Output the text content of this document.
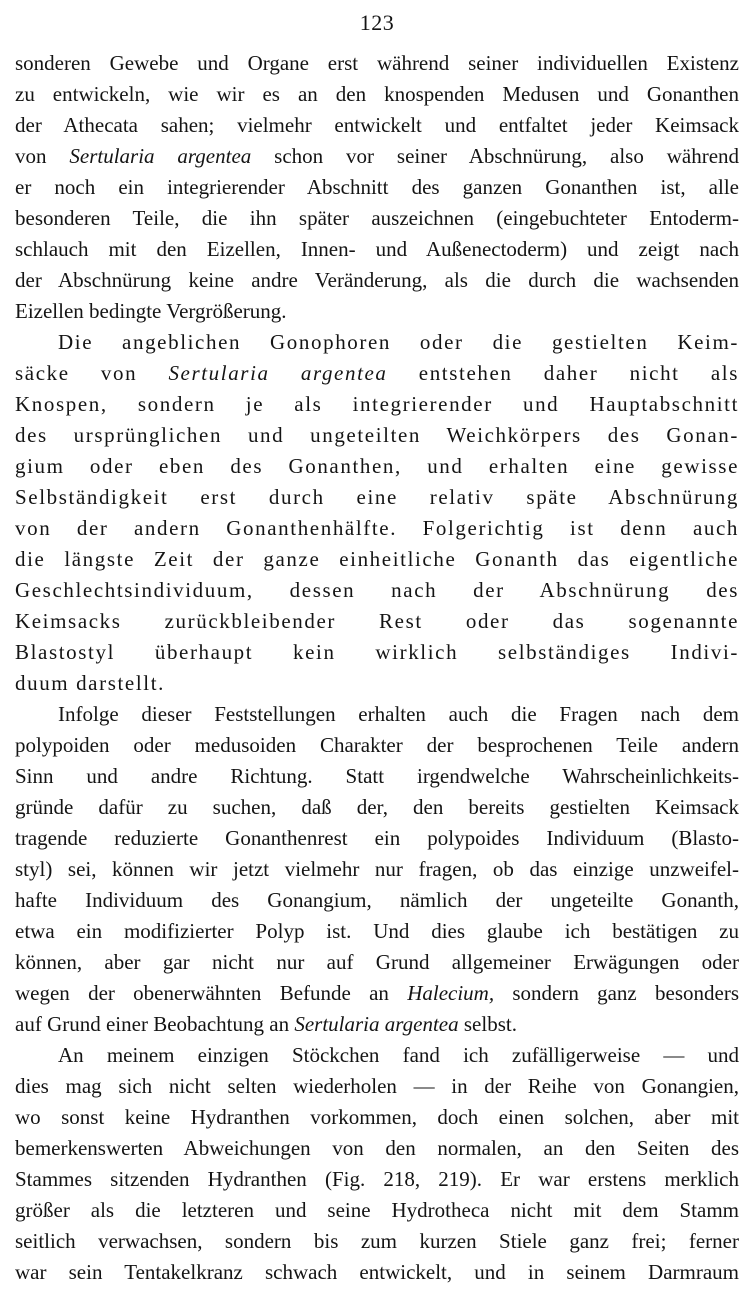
123

sonderen Gewebe und Organe erst während seiner individuellen Existenz
zu entwickeln, wie wir es an den knospenden Medusen und Gonanthen
der Athecata sahen; vielmehr entwickelt und entfaltet jeder Keimsack
von Sertularia argentea schon vor seiner Abschnürung, also während
er noch ein integrierender Abschnitt des ganzen Gonanthen ist, alle
besonderen Teile, die ihn später auszeichnen (eingebuchteter Entoderm-
schlauch mit den Eizellen, Innen- und Außenectoderm) und zeigt nach
der Abschnürung keine andre Veränderung, als die durch die wachsenden
Eizellen bedingte Vergrößerung.

Die angeblichen Gonophoren oder die gestielten Keim-
säcke von Sertularia argentea entstehen daher nicht als
Knospen, sondern je als integrierender und Hauptabschnitt
des ursprünglichen und ungeteilten Weichkörpers des Gonan-
gium oder eben des Gonanthen, und erhalten eine gewisse
Selbständigkeit erst durch eine relativ späte Abschnürung
von der andern Gonanthenhälfte. Folgerichtig ist denn auch
die längste Zeit der ganze einheitliche Gonanth das eigentliche
Geschlechtsindividuum, dessen nach der Abschnürung des
Keimsacks zurückbleibender Rest oder das sogenannte
Blastostyl überhaupt kein wirklich selbständiges Indivi-
duum darstellt.

Infolge dieser Feststellungen erhalten auch die Fragen nach dem
polypoiden oder medusoiden Charakter der besprochenen Teile andern
Sinn und andre Richtung. Statt irgendwelche Wahrscheinlichkeits-
gründe dafür zu suchen, daß der, den bereits gestielten Keimsack
tragende reduzierte Gonanthenrest ein polypoides Individuum (Blasto-
styl) sei, können wir jetzt vielmehr nur fragen, ob das einzige unzweifel-
hafte Individuum des Gonangium, nämlich der ungeteilte Gonanth,
etwa ein modifizierter Polyp ist. Und dies glaube ich bestätigen zu
können, aber gar nicht nur auf Grund allgemeiner Erwägungen oder
wegen der obenerwähnten Befunde an Halecium, sondern ganz besonders
auf Grund einer Beobachtung an Sertularia argentea selbst.

An meinem einzigen Stöckchen fand ich zufälligerweise — und
dies mag sich nicht selten wiederholen — in der Reihe von Gonangien,
wo sonst keine Hydranthen vorkommen, doch einen solchen, aber mit
bemerkenswerten Abweichungen von den normalen, an den Seiten des
Stammes sitzenden Hydranthen (Fig. 218, 219). Er war erstens merklich
größer als die letzteren und seine Hydrotheca nicht mit dem Stamm
seitlich verwachsen, sondern bis zum kurzen Stiele ganz frei; ferner
war sein Tentakelkranz schwach entwickelt, und in seinem Darmraum
